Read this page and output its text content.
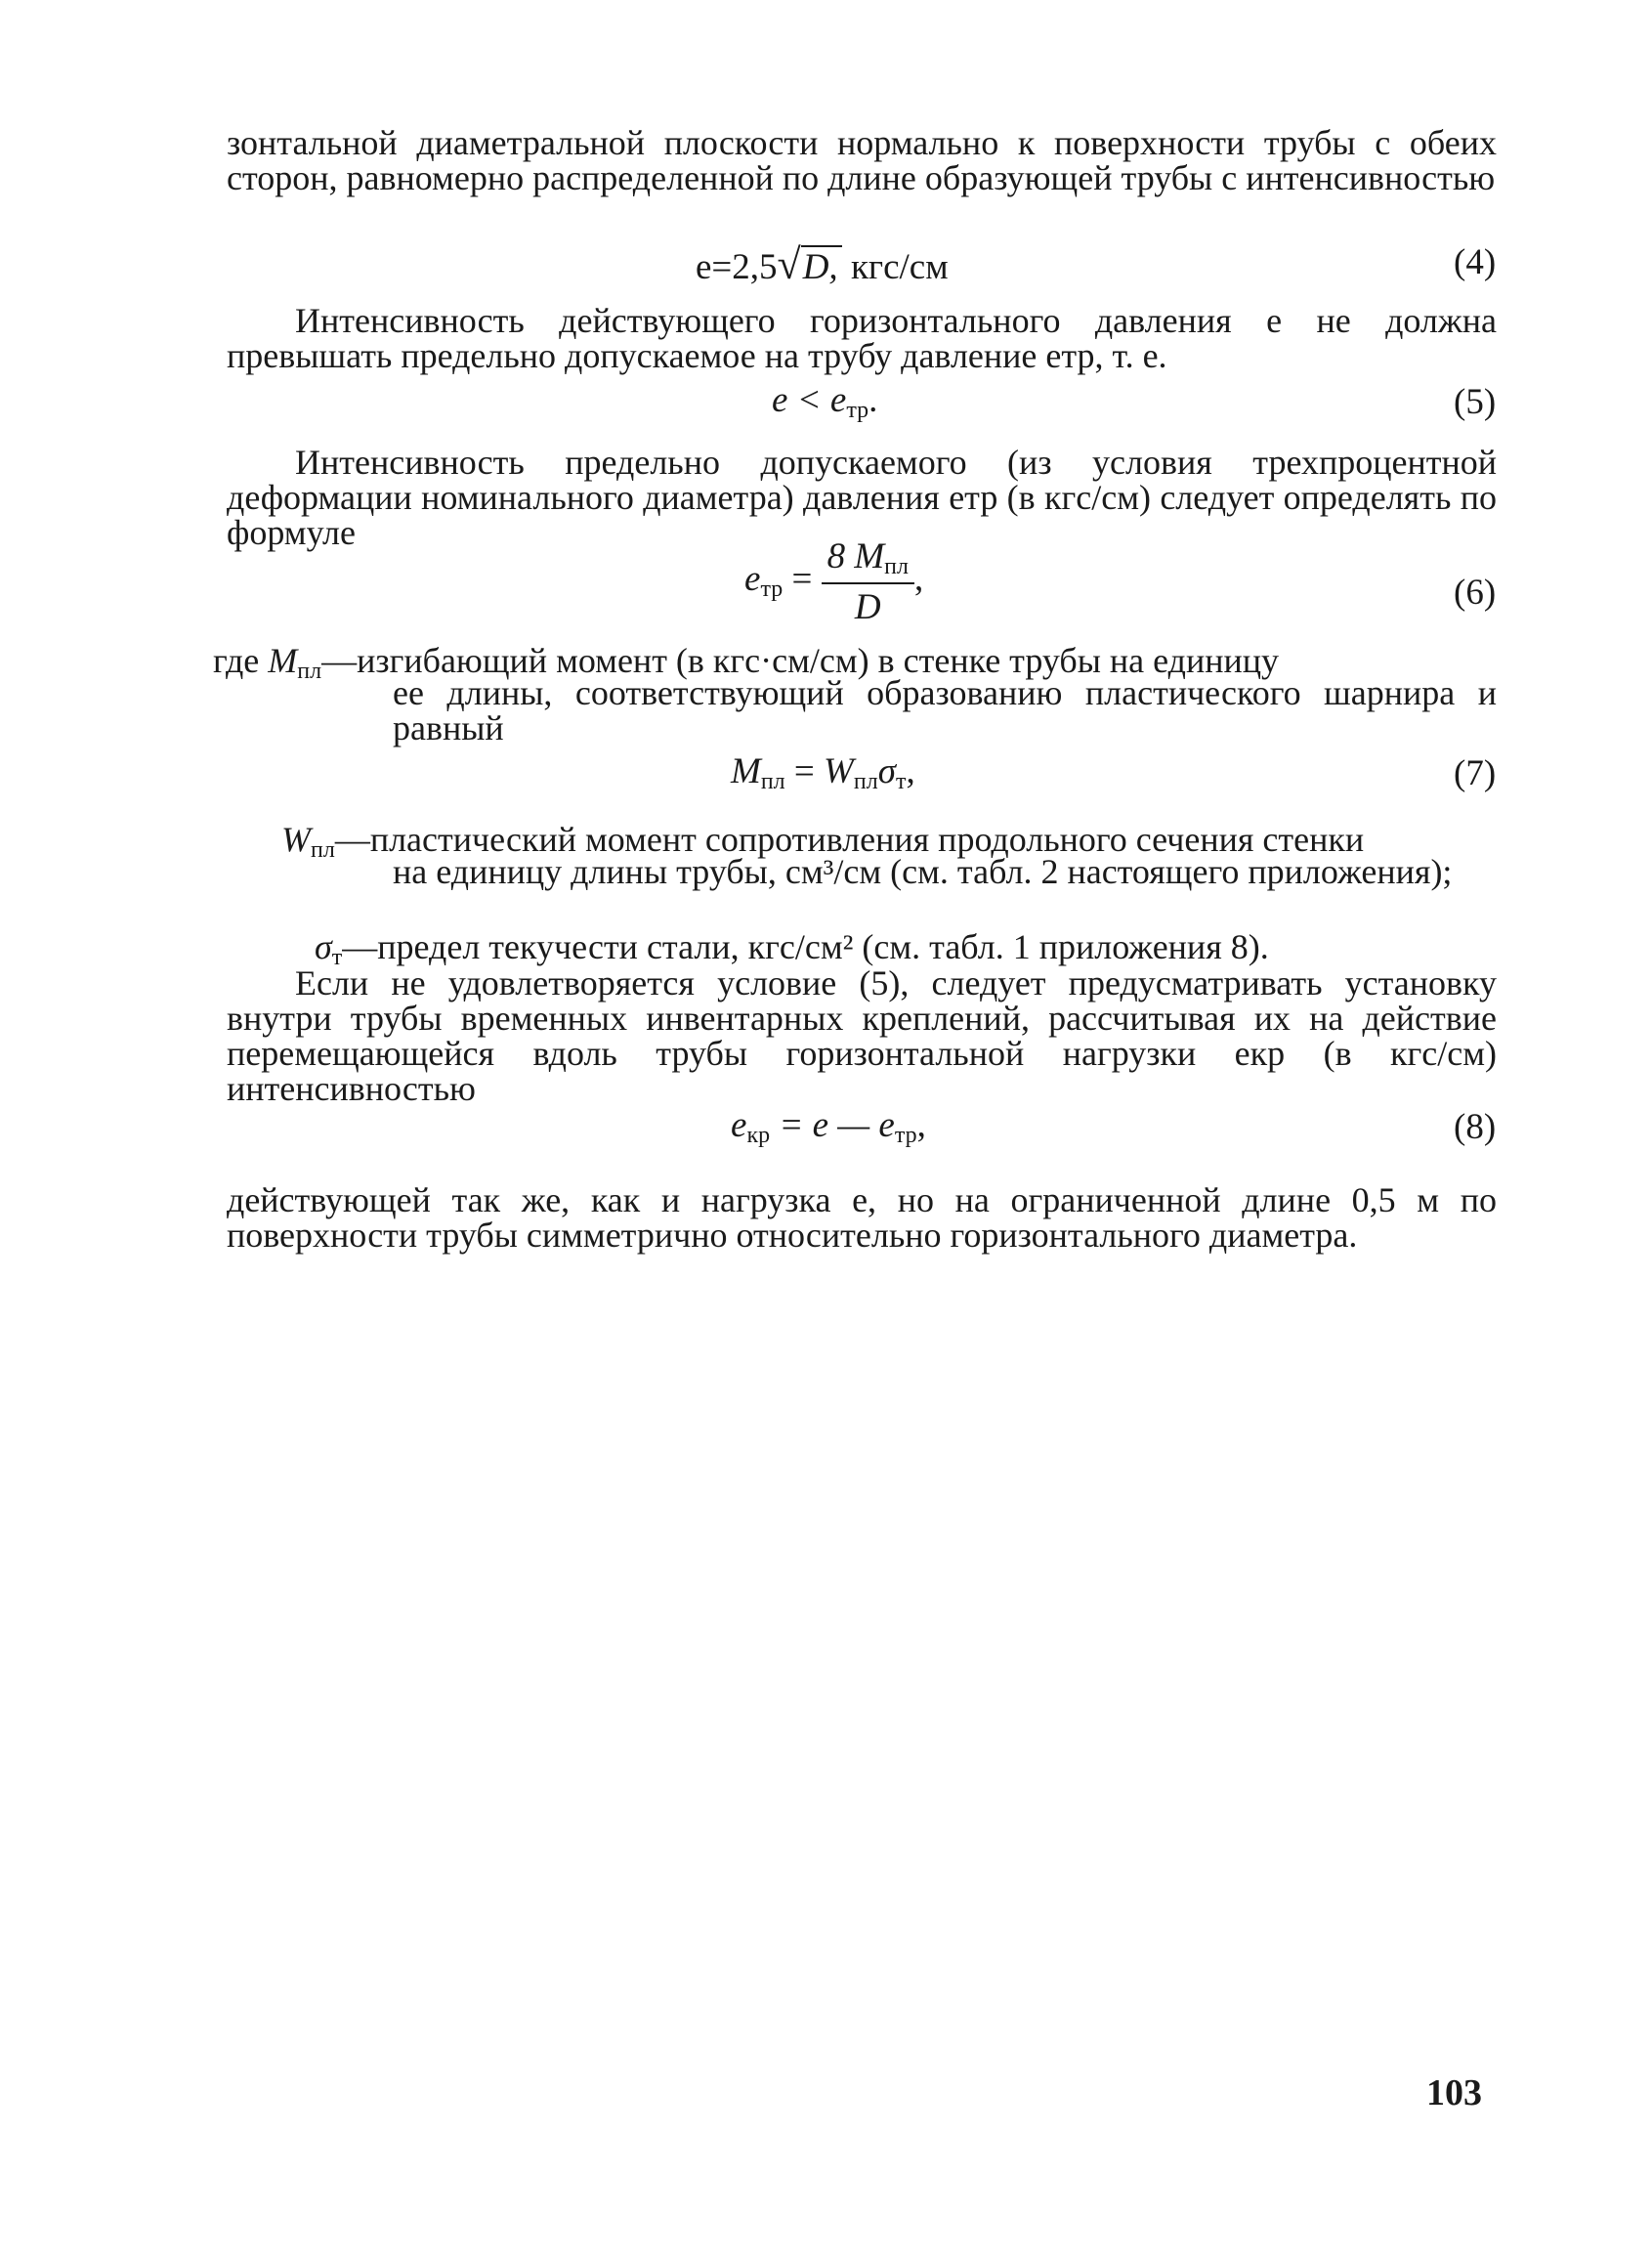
зонтальной диаметральной плоскости нормально к поверхности трубы с обеих сторон, равномерно распределенной по длине образующей трубы с интенсивностью
e=2,5√D, кгс/см	(4)
Интенсивность действующего горизонтального давления e не должна превышать предельно допускаемое на трубу давление eтр, т. е.
$e < e_{тр}$.	(5)
Интенсивность предельно допускаемого (из условия трехпроцентной деформации номинального диаметра) давления eтр (в кгс/см) следует определять по формуле
$e_{тр} = \frac{8 M_{пл}}{D}$ ,	(6)
где $M_{пл}—изгибающий$ момент (в кгс·см/см) в стенке трубы на единицу
ее длины, соответствующий образованию пластического шарнира и равный
$M_{пл} = W_{пл}\sigma_т$,	(7)
$W_{пл}—пластический$ момент сопротивления продольного сечения стенки
на единицу длины трубы, см³/см (см. табл. 2 настоящего приложения);
$\sigma_т—предел$ текучести стали, кгс/см² (см. табл. 1 приложения 8).
Если не удовлетворяется условие (5), следует предусматривать установку внутри трубы временных инвентарных креплений, рассчитывая их на действие перемещающейся вдоль трубы горизонтальной нагрузки eкр (в кгс/см) интенсивностью
$e_{кр} = e$ — $e_{тр}$,	(8)
действующей так же, как и нагрузка e, но на ограниченной длине 0,5 м по поверхности трубы симметрично относительно горизонтального диаметра.
103
